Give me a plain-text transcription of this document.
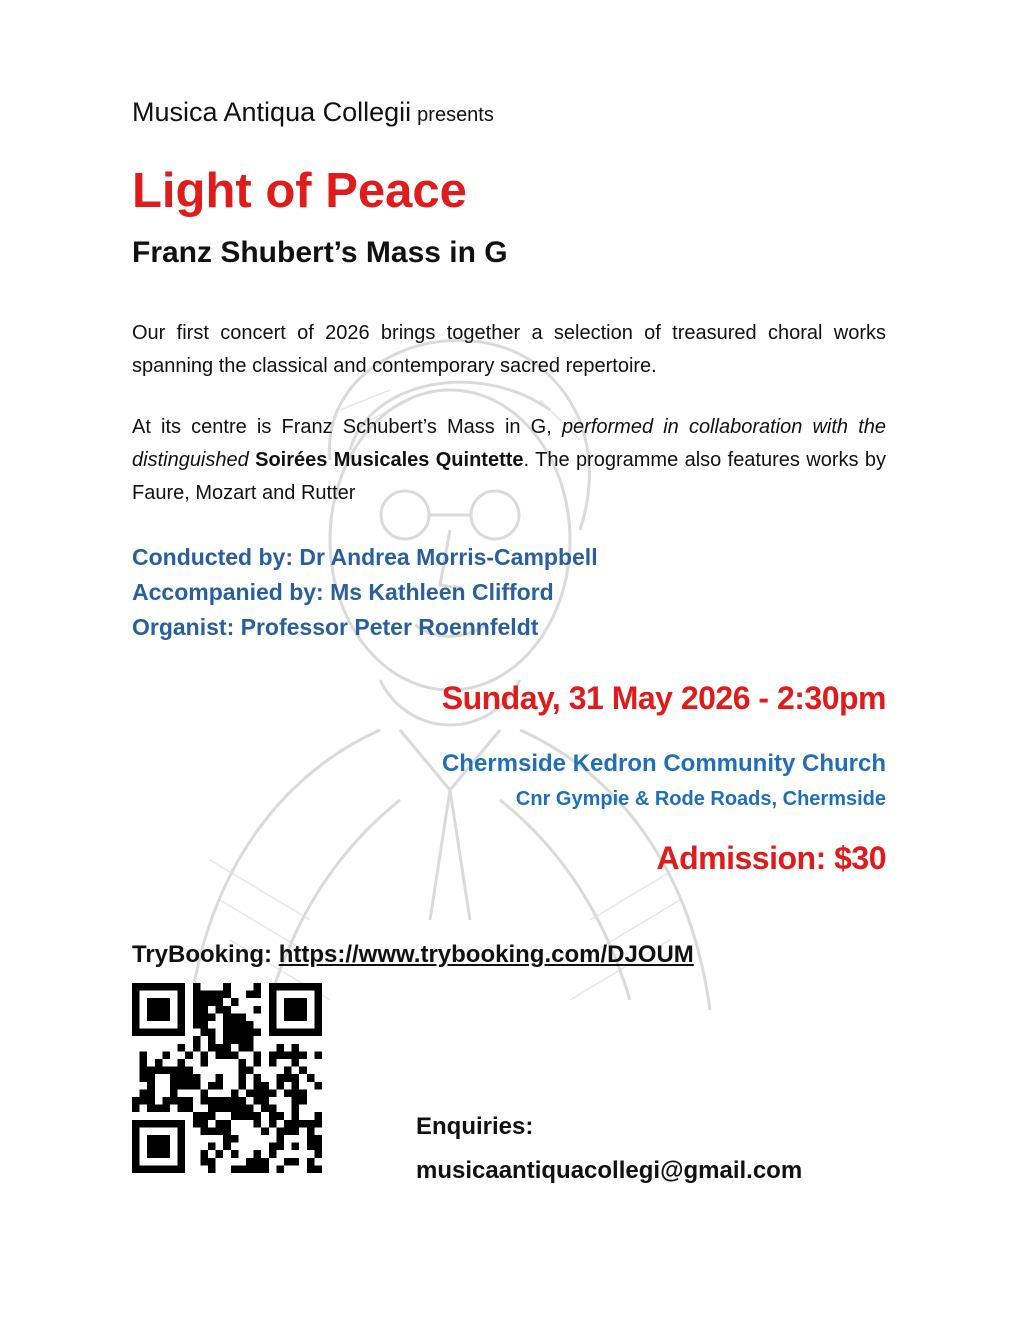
Musica Antiqua Collegii presents
Light of Peace
Franz Shubert’s Mass in G

Our first concert of 2026 brings together a selection of treasured choral works spanning the classical and contemporary sacred repertoire.

At its centre is Franz Schubert’s Mass in G, performed in collaboration with the distinguished Soirées Musicales Quintette. The programme also features works by Faure, Mozart and Rutter

Conducted by: Dr Andrea Morris-Campbell
Accompanied by: Ms Kathleen Clifford
Organist: Professor Peter Roennfeldt
Sunday, 31 May 2026 - 2:30pm
Chermside Kedron Community Church
Cnr Gympie & Rode Roads, Chermside
Admission: $30
TryBooking: https://www.trybooking.com/DJOUM
Enquiries:
musicaantiquacollegi@gmail.com
